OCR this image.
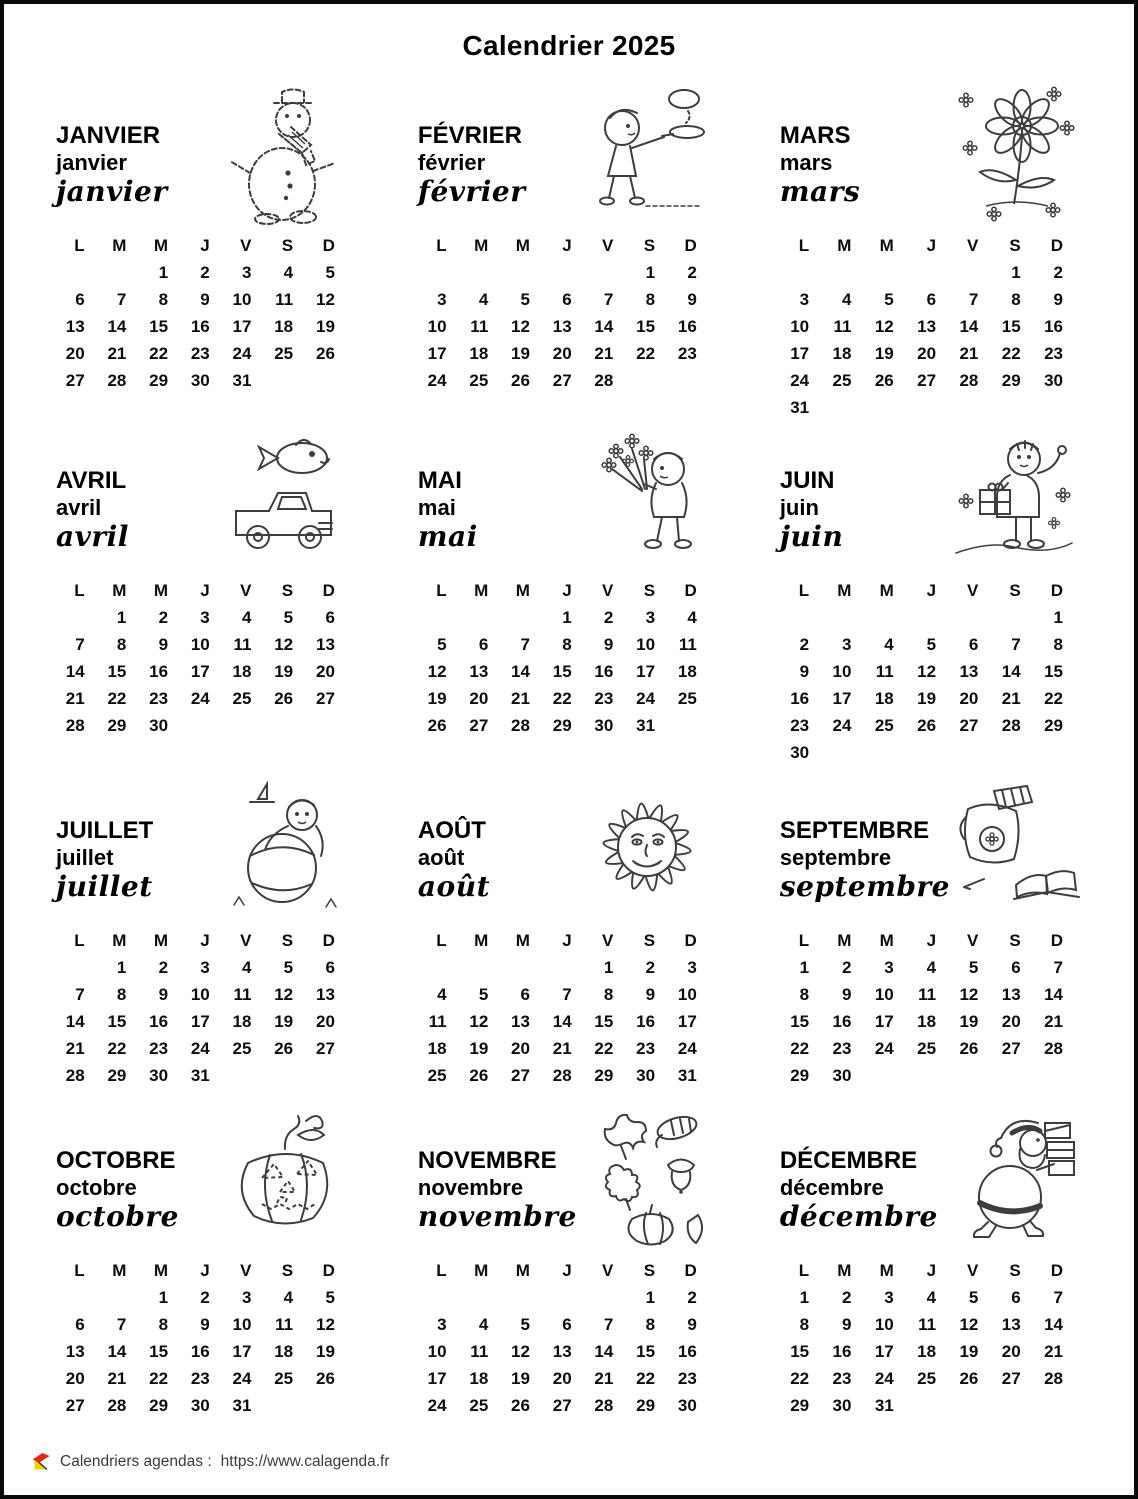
Calendrier 2025
JANVIER
janvier
janvier
L	M	M	J	V	S	D
		1	2	3	4	5
6	7	8	9	10	11	12
13	14	15	16	17	18	19
20	21	22	23	24	25	26
27	28	29	30	31		
FÉVRIER
février
février
L	M	M	J	V	S	D
					1	2
3	4	5	6	7	8	9
10	11	12	13	14	15	16
17	18	19	20	21	22	23
24	25	26	27	28		
MARS
mars
mars
L	M	M	J	V	S	D
					1	2
3	4	5	6	7	8	9
10	11	12	13	14	15	16
17	18	19	20	21	22	23
24	25	26	27	28	29	30
31						
AVRIL
avril
avril
L	M	M	J	V	S	D
	1	2	3	4	5	6
7	8	9	10	11	12	13
14	15	16	17	18	19	20
21	22	23	24	25	26	27
28	29	30				
MAI
mai
mai
L	M	M	J	V	S	D
			1	2	3	4
5	6	7	8	9	10	11
12	13	14	15	16	17	18
19	20	21	22	23	24	25
26	27	28	29	30	31	
JUIN
juin
juin
L	M	M	J	V	S	D
						1
2	3	4	5	6	7	8
9	10	11	12	13	14	15
16	17	18	19	20	21	22
23	24	25	26	27	28	29
30						
JUILLET
juillet
juillet
L	M	M	J	V	S	D
	1	2	3	4	5	6
7	8	9	10	11	12	13
14	15	16	17	18	19	20
21	22	23	24	25	26	27
28	29	30	31			
AOÛT
août
août
L	M	M	J	V	S	D
				1	2	3
4	5	6	7	8	9	10
11	12	13	14	15	16	17
18	19	20	21	22	23	24
25	26	27	28	29	30	31
SEPTEMBRE
septembre
septembre
L	M	M	J	V	S	D
1	2	3	4	5	6	7
8	9	10	11	12	13	14
15	16	17	18	19	20	21
22	23	24	25	26	27	28
29	30					
OCTOBRE
octobre
octobre
L	M	M	J	V	S	D
		1	2	3	4	5
6	7	8	9	10	11	12
13	14	15	16	17	18	19
20	21	22	23	24	25	26
27	28	29	30	31		
NOVEMBRE
novembre
novembre
L	M	M	J	V	S	D
					1	2
3	4	5	6	7	8	9
10	11	12	13	14	15	16
17	18	19	20	21	22	23
24	25	26	27	28	29	30
DÉCEMBRE
décembre
décembre
L	M	M	J	V	S	D
1	2	3	4	5	6	7
8	9	10	11	12	13	14
15	16	17	18	19	20	21
22	23	24	25	26	27	28
29	30	31				
Calendriers agendas : https://www.calagenda.fr
